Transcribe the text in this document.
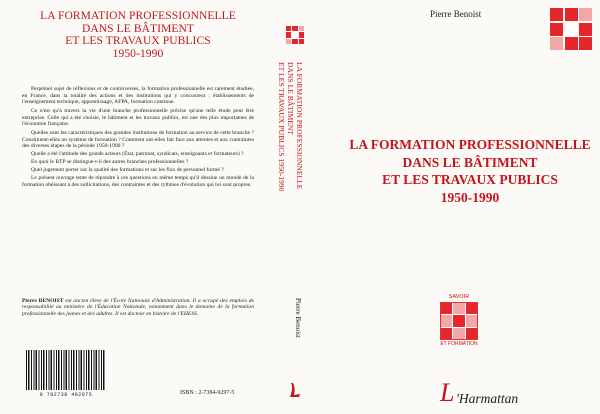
LA FORMATION PROFESSIONNELLE
DANS LE BÂTIMENT
ET LES TRAVAUX PUBLICS
1950-1990

Perpétuel sujet de réflexions et de controverses, la formation professionnelle est rarement étudiée, en France, dans la totalité des actions et des institutions qui y concourent : établissements de l'enseignement technique, apprentissage, AFPA, formation continue.

Ce n'est qu'à travers la vie d'une branche professionnelle précise qu'une telle étude peut être entreprise. Celle qui a été choisie, le bâtiment et les travaux publics, est une des plus importantes de l'économie française.

Quelles sont les caractéristiques des grandes institutions de formation au service de cette branche ? Constituent-elles un système de formation ? Comment ont-elles fait face aux attentes et aux contraintes des diverses étapes de la période 1950-1990 ?

Quelle a été l'attitude des grands acteurs (État, patronat, syndicats, enseignants et formateurs) ?

En quoi le BTP se distingue-t-il des autres branches professionnelles ?

Quel jugement porter sur la qualité des formations et sur les flux de personnel formé ?

Le présent ouvrage tente de répondre à ces questions en même temps qu'il dessine un monde de la formation obéissant à des sollicitations, des contraintes et des rythmes d'évolution qui lui sont propres.

Pierre BENOIST est ancien élève de l'École Nationale d'Administration. Il a occupé des emplois de responsabilité au ministère de l'Éducation Nationale, notamment dans le domaine de la formation professionnelle des jeunes et des adultes. Il est docteur en histoire de l'EHESS.
9 782738 492975	ISBN : 2-7384-9297-5
LA FORMATION PROFESSIONNELLE
DANS LE BÂTIMENT
ET LES TRAVAUX PUBLICS 1950-1990
Pierre Benoist
Pierre Benoist
LA FORMATION PROFESSIONNELLE
DANS LE BÂTIMENT
ET LES TRAVAUX PUBLICS
1950-1990
SAVOIR
ET FORMATION
L 'Harmattan
